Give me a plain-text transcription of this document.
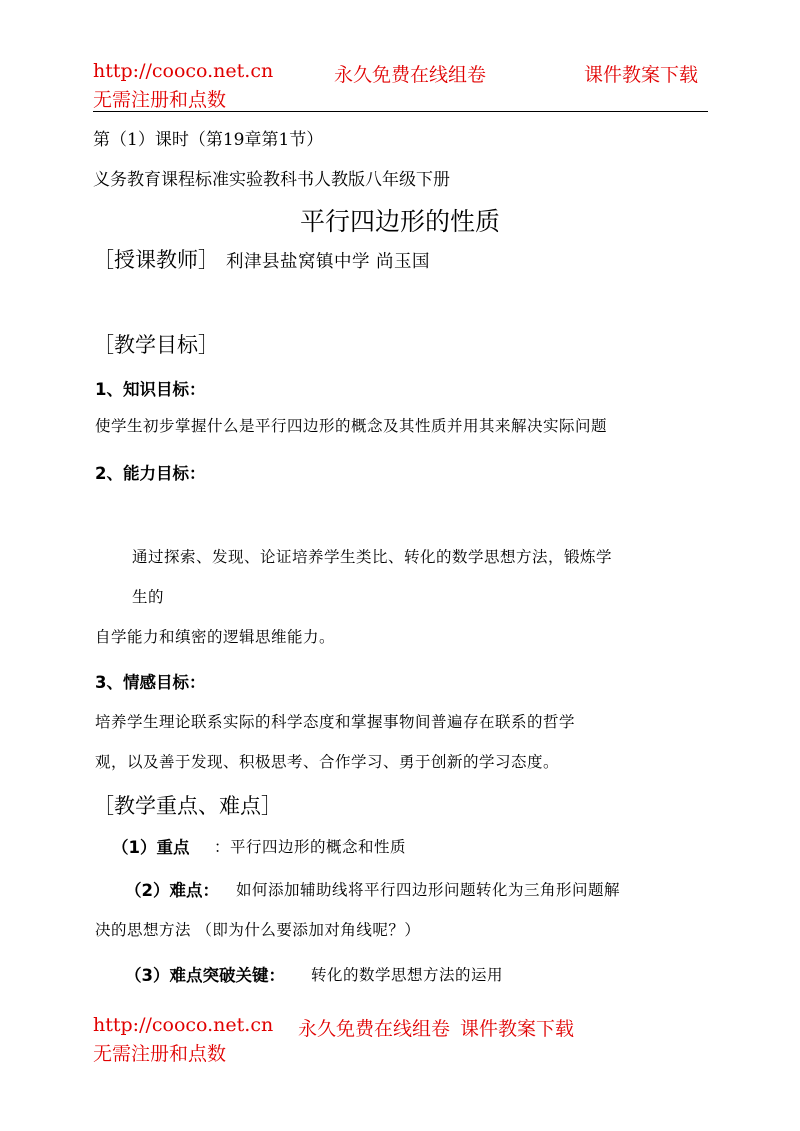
http://cooco.net.cn	永久免费在线组卷	课件教案下载
无需注册和点数
第（1）课时（第19章第1节）
义务教育课程标准实验教科书人教版八年级下册
平行四边形的性质
［授课教师］ 利津县盐窝镇中学 尚玉国
［教学目标］
1、知识目标：
使学生初步掌握什么是平行四边形的概念及其性质并用其来解决实际问题
2、能力目标：
通过探索、发现、论证培养学生类比、转化的数学思想方法，锻炼学
生的
自学能力和缜密的逻辑思维能力。
3、情感目标：
培养学生理论联系实际的科学态度和掌握事物间普遍存在联系的哲学
观，以及善于发现、积极思考、合作学习、勇于创新的学习态度。
［教学重点、难点］
（1）重点 ：平行四边形的概念和性质
（2）难点： 如何添加辅助线将平行四边形问题转化为三角形问题解
决的思想方法 （即为什么要添加对角线呢？）
（3）难点突破关键： 转化的数学思想方法的运用
http://cooco.net.cn 永久免费在线组卷 课件教案下载
无需注册和点数
